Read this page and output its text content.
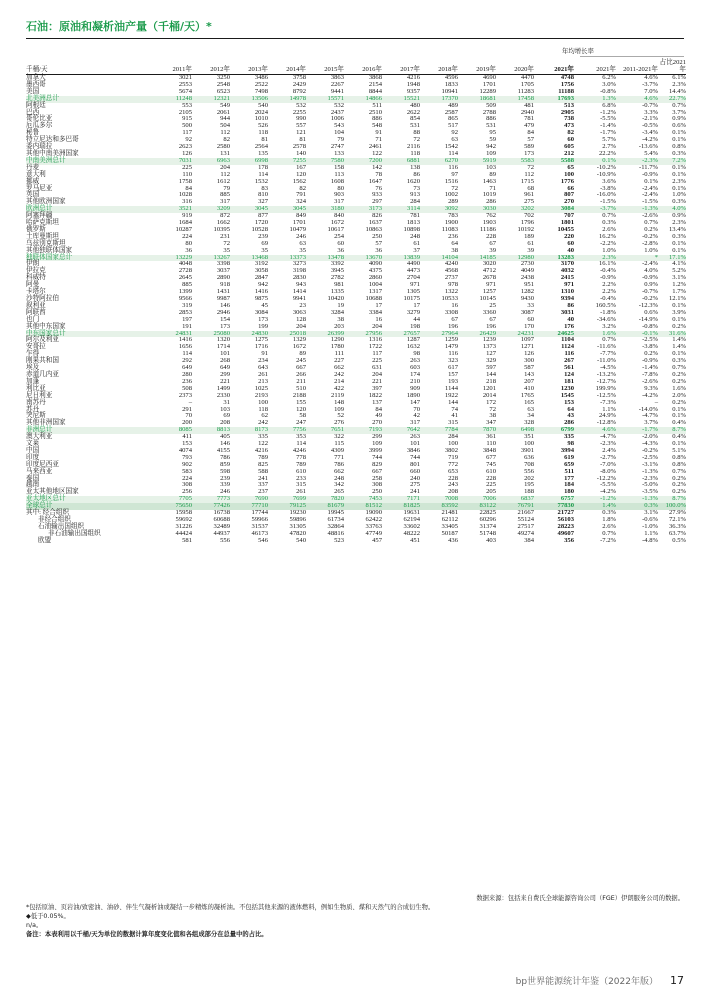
石油：原油和凝析油产量（千桶/天）*
年均增长率
千桶/天	2011年	2012年	2013年	2014年	2015年	2016年	2017年	2018年	2019年	2020年	2021年	2021年	2011-2021年	占比2021年
加拿大	3021	3250	3486	3758	3863	3868	4216	4596	4690	4470	4748	6.2%	4.6%	6.1%
墨西哥	2553	2548	2522	2429	2267	2154	1948	1833	1701	1705	1756	3.0%	-3.7%	2.3%
美国	5674	6523	7498	8792	9441	8844	9357	10941	12289	11283	11188	-0.8%	7.0%	14.4%
北美洲总计	11248	12321	13506	14978	15571	14866	15521	17370	18681	17458	17693	1.3%	4.6%	22.7%
阿根廷	553	549	540	532	532	511	480	489	509	481	513	6.8%	-0.7%	0.7%
巴西	2105	2061	2024	2255	2437	2510	2622	2587	2788	2940	2905	-1.2%	3.3%	3.7%
哥伦比亚	915	944	1010	990	1006	886	854	865	886	781	738	-5.5%	-2.1%	0.9%
厄瓜多尔	500	504	526	557	543	548	531	517	531	479	473	-1.4%	-0.5%	0.6%
秘鲁	117	112	118	121	104	91	88	92	95	84	82	-1.7%	-3.4%	0.1%
特立尼达和多巴哥	92	82	81	81	79	71	72	63	59	57	60	5.7%	-4.2%	0.1%
委内瑞拉	2623	2580	2564	2578	2747	2461	2116	1542	942	589	605	2.7%	-13.6%	0.8%
其他中南美洲国家	126	131	135	140	133	122	118	114	109	173	212	22.2%	5.4%	0.3%
中南美洲总计	7031	6963	6998	7255	7580	7200	6881	6270	5919	5583	5588	0.1%	-2.3%	7.2%
丹麦	225	204	178	167	158	142	138	116	103	72	65	-10.2%	-11.7%	0.1%
意大利	110	112	114	120	113	78	86	97	89	112	100	-10.9%	-0.9%	0.1%
挪威	1758	1612	1532	1562	1608	1647	1620	1516	1463	1715	1776	3.6%	0.1%	2.3%
罗马尼亚	84	79	83	82	80	76	73	72	71	68	66	-3.8%	-2.4%	0.1%
英国	1028	885	810	791	903	933	913	1002	1019	961	807	-16.0%	-2.4%	1.0%
其他欧洲国家	316	317	327	324	317	297	284	289	286	275	270	-1.5%	-1.5%	0.3%
欧洲总计	3521	3209	3045	3045	3180	3173	3114	3092	3030	3202	3084	-3.7%	-1.3%	4.0%
阿塞拜疆	919	872	877	849	840	826	781	783	762	702	707	0.7%	-2.6%	0.9%
哈萨克斯坦	1684	1662	1720	1701	1672	1637	1813	1900	1903	1796	1801	0.3%	0.7%	2.3%
俄罗斯	10287	10395	10528	10479	10617	10863	10898	11083	11186	10192	10455	2.6%	0.2%	13.4%
土库曼斯坦	224	231	239	246	254	250	248	236	228	189	220	16.2%	-0.2%	0.3%
乌兹别克斯坦	80	72	69	63	60	57	61	64	67	61	60	-2.2%	-2.8%	0.1%
其他独联体国家	36	35	35	35	36	36	37	38	39	39	40	1.0%	1.0%	0.1%
独联体国家总计	13229	13267	13468	13373	13478	13670	13839	14104	14185	12980	13283	2.3%	*	17.1%
伊朗	4048	3398	3192	3273	3392	4090	4490	4240	3020	2730	3170	16.1%	-2.4%	4.1%
伊拉克	2728	3037	3058	3198	3945	4375	4473	4568	4712	4049	4032	-0.4%	4.0%	5.2%
科威特	2645	2890	2847	2830	2782	2860	2704	2737	2678	2438	2415	-0.9%	-0.9%	3.1%
阿曼	885	918	942	943	981	1004	971	978	971	951	971	2.2%	0.9%	1.2%
卡塔尔	1399	1431	1416	1414	1335	1317	1305	1322	1257	1282	1310	2.2%	-0.7%	1.7%
沙特阿拉伯	9566	9987	9875	9941	10420	10688	10175	10533	10145	9430	9394	-0.4%	-0.2%	12.1%
叙利亚	319	146	45	23	19	17	17	16	25	33	86	160.5%	-12.3%	0.1%
阿联酋	2853	2946	3084	3063	3284	3384	3279	3308	3360	3087	3031	-1.8%	0.6%	3.9%
也门	197	154	173	128	38	16	44	67	67	60	40	-34.6%	-14.9%	0.1%
其他中东国家	191	173	199	204	203	204	198	196	196	170	176	3.2%	-0.8%	0.2%
中东国家总计	24831	25080	24830	25018	26399	27956	27657	27964	26429	24231	24625	1.6%	-0.1%	31.6%
阿尔及利亚	1416	1320	1275	1329	1290	1316	1287	1259	1239	1097	1104	0.7%	-2.5%	1.4%
安哥拉	1656	1714	1716	1672	1780	1722	1632	1479	1373	1271	1124	-11.6%	-3.8%	1.4%
乍得	114	101	91	89	111	117	98	116	127	126	116	-7.7%	0.2%	0.1%
刚果共和国	292	268	234	245	227	225	263	323	329	300	267	-11.0%	-0.9%	0.3%
埃及	649	649	643	667	662	631	603	617	597	587	561	-4.5%	-1.4%	0.7%
赤道几内亚	280	299	261	266	242	204	174	157	144	143	124	-13.2%	-7.8%	0.2%
加蓬	236	221	213	211	214	221	210	193	218	207	181	-12.7%	-2.6%	0.2%
利比亚	508	1499	1025	510	422	397	909	1144	1201	410	1230	199.9%	9.3%	1.6%
尼日利亚	2373	2330	2193	2188	2119	1822	1890	1922	2014	1765	1545	-12.5%	-4.2%	2.0%
南苏丹	–	31	100	155	148	137	147	144	172	165	153	-7.3%	–	0.2%
苏丹	291	103	118	120	109	84	70	74	72	63	64	1.1%	-14.0%	0.1%
突尼斯	70	69	62	58	52	49	42	41	38	34	43	24.9%	-4.7%	0.1%
其他非洲国家	200	208	242	247	276	270	317	315	347	328	286	-12.8%	3.7%	0.4%
非洲总计	8085	8813	8173	7756	7651	7193	7642	7784	7870	6498	6799	4.6%	-1.7%	8.7%
澳大利亚	411	405	335	353	322	299	263	284	361	351	335	-4.7%	-2.0%	0.4%
文莱	153	146	122	114	115	109	101	100	110	100	98	-2.3%	-4.3%	0.1%
中国	4074	4155	4216	4246	4309	3999	3846	3802	3848	3901	3994	2.4%	-0.2%	5.1%
印度	793	786	789	778	771	744	744	719	677	636	619	-2.7%	-2.5%	0.8%
印度尼西亚	902	859	825	789	786	829	801	772	745	708	659	-7.0%	-3.1%	0.8%
马来西亚	583	598	588	610	662	667	660	653	610	556	511	-8.0%	-1.3%	0.7%
泰国	224	239	241	233	248	258	240	228	228	202	177	-12.2%	-2.3%	0.2%
越南	308	339	337	315	342	308	275	243	225	195	184	-5.5%	-5.0%	0.2%
亚太其他地区国家	256	246	237	261	265	250	241	208	205	188	180	-4.2%	-3.5%	0.2%
亚太地区总计	7705	7773	7690	7699	7820	7453	7171	7008	7006	6837	6757	-1.2%	-1.3%	8.7%
全球总计	75650	77426	77710	79125	81679	81512	81825	83592	83122	76791	77830	1.4%	0.3%	100.0%
其中: 经合组织	15958	16738	17744	19230	19945	19090	19631	21481	22825	21667	21727	0.3%	3.1%	27.9%
非经合组织	59692	60688	59966	59896	61734	62422	62194	62112	60296	55124	56103	1.8%	-0.6%	72.1%
石油输出国组织	31226	32489	31537	31305	32864	33763	33602	33405	31374	27517	28223	2.6%	-1.0%	36.3%
非石油输出国组织	44424	44937	46173	47820	48816	47749	48222	50187	51748	49274	49607	0.7%	1.1%	63.7%
欧盟	581	556	546	540	523	457	451	436	403	384	356	-7.2%	-4.8%	0.5%
数据来源：包括来自费氏全球能源咨询公司（FGE）伊朗服务公司的数据。
*包括原油、页岩油/致密油、油砂、伴生气凝析油或凝结一步精炼的凝析油。不包括其他来源的液体燃料，例如生物质、煤和天然气的合成衍生物。
◆低于0.05%。
n/a。
备注：本表利用以千桶/天为单位的数据计算年度变化值和各组成部分在总量中的占比。
bp世界能源统计年鉴（2022年版） 17
